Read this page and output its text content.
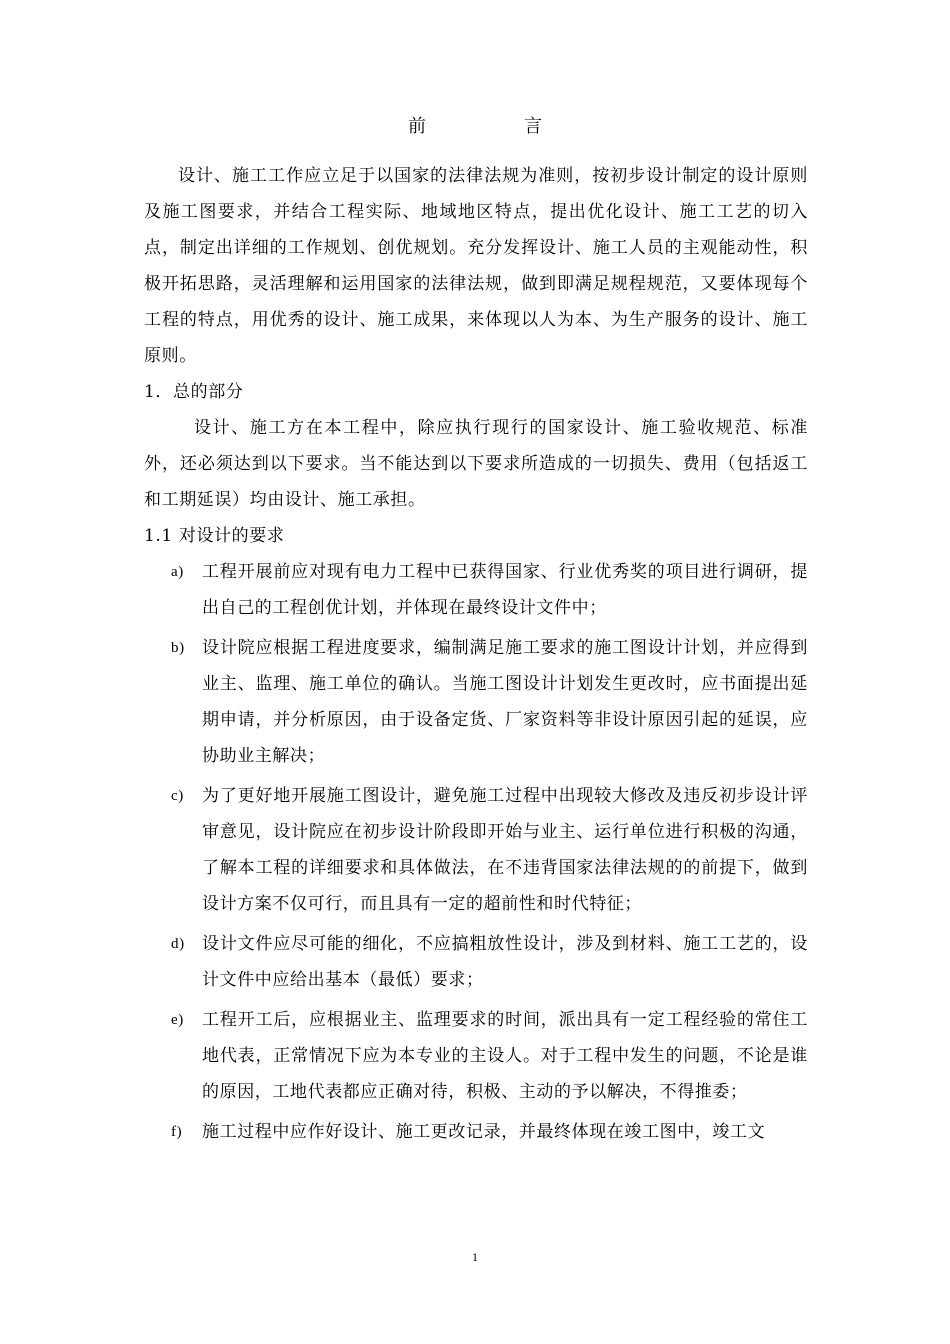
前	言

设计、施工工作应立足于以国家的法律法规为准则，按初步设计制定的设计原则及施工图要求，并结合工程实际、地域地区特点，提出优化设计、施工工艺的切入点，制定出详细的工作规划、创优规划。充分发挥设计、施工人员的主观能动性，积极开拓思路，灵活理解和运用国家的法律法规，做到即满足规程规范，又要体现每个工程的特点，用优秀的设计、施工成果，来体现以人为本、为生产服务的设计、施工原则。

1．总的部分

设计、施工方在本工程中，除应执行现行的国家设计、施工验收规范、标准外，还必须达到以下要求。当不能达到以下要求所造成的一切损失、费用（包括返工和工期延误）均由设计、施工承担。

1.1 对设计的要求

a) 工程开展前应对现有电力工程中已获得国家、行业优秀奖的项目进行调研，提出自己的工程创优计划，并体现在最终设计文件中；
b) 设计院应根据工程进度要求，编制满足施工要求的施工图设计计划，并应得到业主、监理、施工单位的确认。当施工图设计计划发生更改时，应书面提出延期申请，并分析原因，由于设备定货、厂家资料等非设计原因引起的延误，应协助业主解决；
c) 为了更好地开展施工图设计，避免施工过程中出现较大修改及违反初步设计评审意见，设计院应在初步设计阶段即开始与业主、运行单位进行积极的沟通，了解本工程的详细要求和具体做法，在不违背国家法律法规的的前提下，做到设计方案不仅可行，而且具有一定的超前性和时代特征；
d) 设计文件应尽可能的细化，不应搞粗放性设计，涉及到材料、施工工艺的，设计文件中应给出基本（最低）要求；
e) 工程开工后，应根据业主、监理要求的时间，派出具有一定工程经验的常住工地代表，正常情况下应为本专业的主设人。对于工程中发生的问题，不论是谁的原因，工地代表都应正确对待，积极、主动的予以解决，不得推委；
f) 施工过程中应作好设计、施工更改记录，并最终体现在竣工图中，竣工文
1
